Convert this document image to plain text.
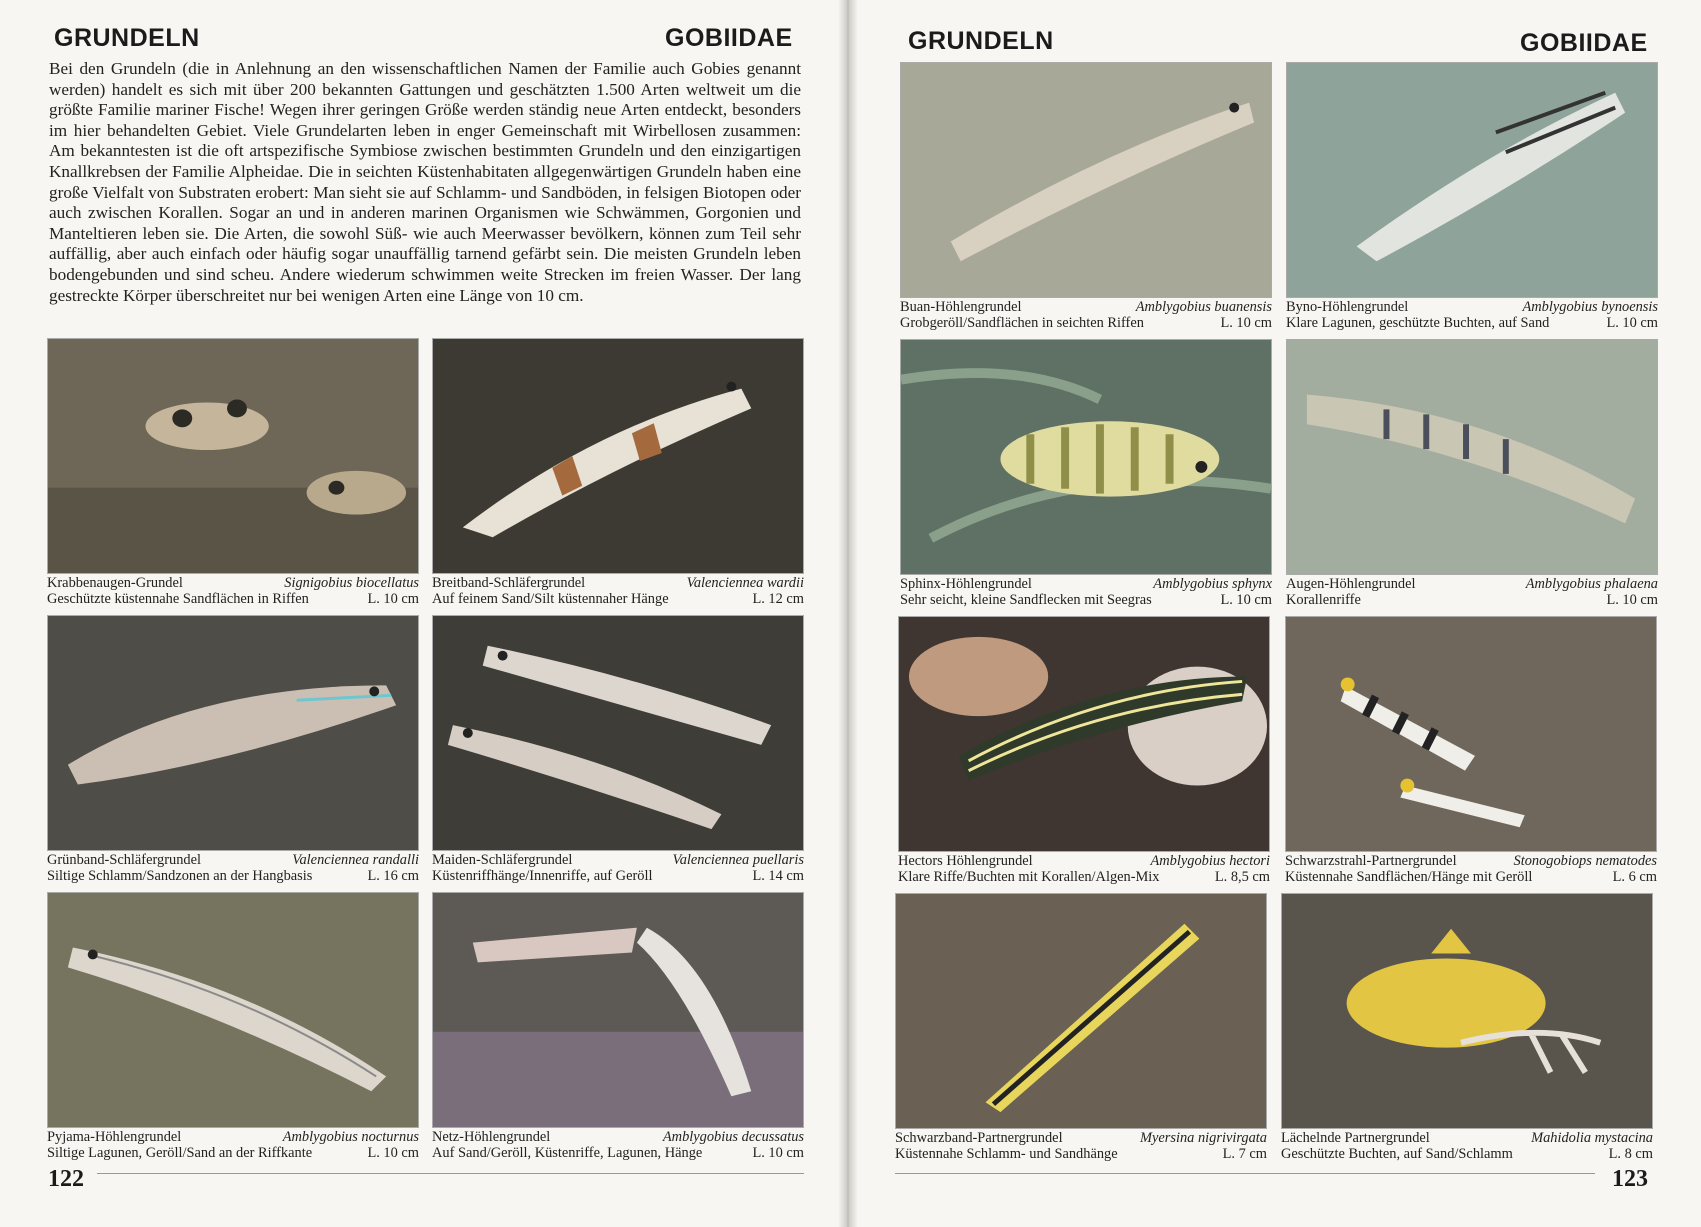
GRUNDELN	GOBIIDAE
Bei den Grundeln (die in Anlehnung an den wissenschaftlichen Namen der Familie auch Gobies genannt werden) handelt es sich mit über 200 bekannten Gattungen und geschätzten 1.500 Arten weltweit um die größte Familie mariner Fische! Wegen ihrer geringen Größe werden ständig neue Arten entdeckt, besonders im hier behandelten Gebiet. Viele Grundelarten leben in enger Gemeinschaft mit Wirbellosen zusammen: Am bekanntesten ist die oft artspezifische Symbiose zwischen bestimmten Grundeln und den einzigartigen Knallkrebsen der Familie Alpheidae. Die in seichten Küstenhabitaten allgegenwärtigen Grundeln haben eine große Vielfalt von Substraten erobert: Man sieht sie auf Schlamm- und Sandböden, in felsigen Biotopen oder auch zwischen Korallen. Sogar an und in anderen marinen Organismen wie Schwämmen, Gorgonien und Manteltieren leben sie. Die Arten, die sowohl Süß- wie auch Meerwasser bevölkern, können zum Teil sehr auffällig, aber auch einfach oder häufig sogar unauffällig tarnend gefärbt sein. Die meisten Grundeln leben bodengebunden und sind scheu. Andere wiederum schwimmen weite Strecken im freien Wasser. Der lang gestreckte Körper überschreitet nur bei wenigen Arten eine Länge von 10 cm.
Krabbenaugen-Grundel	Signigobius biocellatus
Geschützte küstennahe Sandflächen in Riffen	L. 10 cm
Breitband-Schläfergrundel	Valenciennea wardii
Auf feinem Sand/Silt küstennaher Hänge	L. 12 cm
Grünband-Schläfergrundel	Valenciennea randalli
Siltige Schlamm/Sandzonen an der Hangbasis	L. 16 cm
Maiden-Schläfergrundel	Valenciennea puellaris
Küstenriffhänge/Innenriffe, auf Geröll	L. 14 cm
Pyjama-Höhlengrundel	Amblygobius nocturnus
Siltige Lagunen, Geröll/Sand an der Riffkante	L. 10 cm
Netz-Höhlengrundel	Amblygobius decussatus
Auf Sand/Geröll, Küstenriffe, Lagunen, Hänge	L. 10 cm
122
GRUNDELN	GOBIIDAE
Buan-Höhlengrundel	Amblygobius buanensis
Grobgeröll/Sandflächen in seichten Riffen	L. 10 cm
Byno-Höhlengrundel	Amblygobius bynoensis
Klare Lagunen, geschützte Buchten, auf Sand	L. 10 cm
Sphinx-Höhlengrundel	Amblygobius sphynx
Sehr seicht, kleine Sandflecken mit Seegras	L. 10 cm
Augen-Höhlengrundel	Amblygobius phalaena
Korallenriffe	L. 10 cm
Hectors Höhlengrundel	Amblygobius hectori
Klare Riffe/Buchten mit Korallen/Algen-Mix	L. 8,5 cm
Schwarzstrahl-Partnergrundel	Stonogobiops nematodes
Küstennahe Sandflächen/Hänge mit Geröll	L. 6 cm
Schwarzband-Partnergrundel	Myersina nigrivirgata
Küstennahe Schlamm- und Sandhänge	L. 7 cm
Lächelnde Partnergrundel	Mahidolia mystacina
Geschützte Buchten, auf Sand/Schlamm	L. 8 cm
123
